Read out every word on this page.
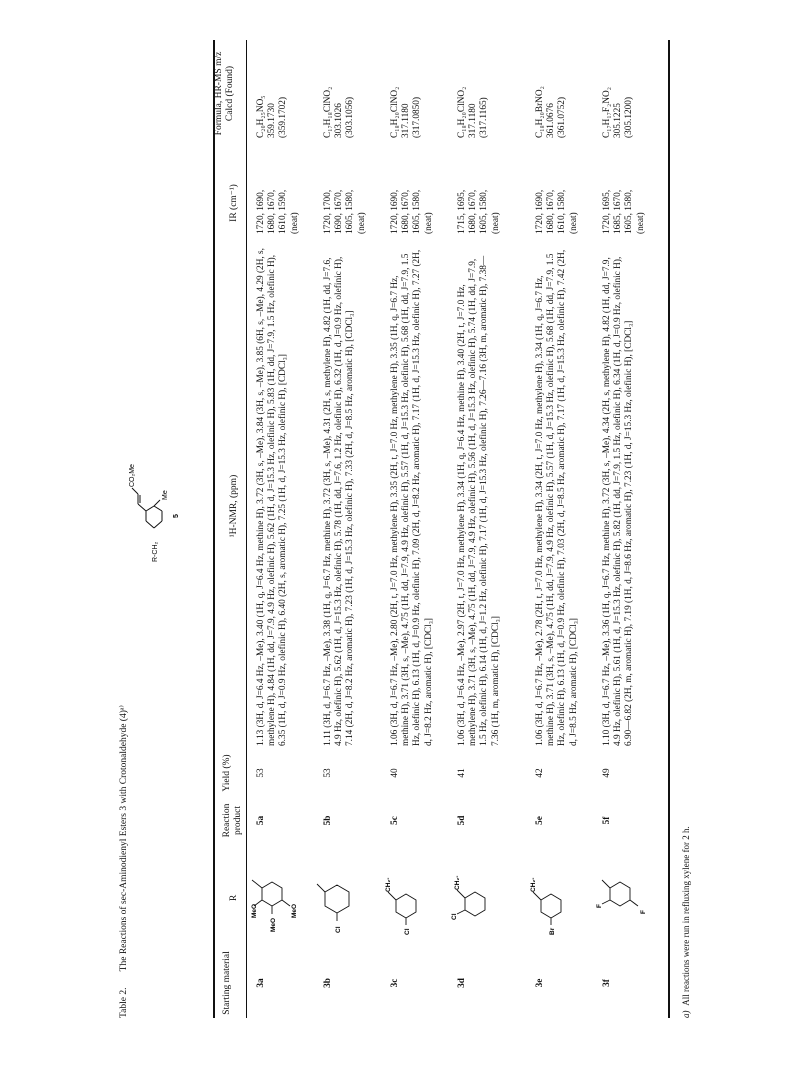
Table 2. The Reactions of sec-Aminodienyl Esters 3 with Crotonaldehyde (4)ᵃ⁾
R-CH₂
CO₂Me
Me
5
Starting material
R
Reaction product
Yield (%)
¹H-NMR, (ppm)
IR (cm⁻¹)
Formula, HR-MS m/z Calcd (Found)
3a
MeO
MeO
MeO
5a
53
1.13 (3H, d, J=6.4 Hz, –Me), 3.40 (1H, q, J=6.4 Hz, methine H), 3.72 (3H, s, –Me), 3.84 (3H, s, –Me), 3.85 (6H, s, –Me), 4.29 (2H, s, methylene H), 4.84 (1H, dd, J=7.9, 4.9 Hz, olefinic H), 5.62 (1H, d, J=15.3 Hz, olefinic H), 5.83 (1H, dd, J=7.9, 1.5 Hz, olefinic H), 6.35 (1H, d, J=0.9 Hz, olefinic H), 6.40 (2H, s, aromatic H), 7.25 (1H, d, J=15.3 Hz, olefinic H), [CDCl₃]
1720, 1690, 1680, 1670, 1610, 1590, (neat)
C₂₀H₂₅NO₅ 359.1730 (359.1702)
3b
Cl
5b
53
1.11 (3H, d, J=6.7 Hz, –Me), 3.38 (1H, q, J=6.7 Hz, methine H), 3.72 (3H, s, –Me), 4.31 (2H, s, methylene H), 4.82 (1H, dd, J=7.6, 4.9 Hz, olefinic H), 5.62 (1H, d, J=15.3 Hz, olefinic H), 5.78 (1H, dd, J=7.6, 1.2 Hz, olefinic H), 6.32 (1H, d, J=0.9 Hz, olefinic H), 7.14 (2H, d, J=8.2 Hz, aromatic H), 7.23 (1H, d, J=15.3 Hz, olefinic H), 7.33 (2H, d, J=8.5 Hz, aromatic H), [CDCl₃]
1720, 1700, 1690, 1670, 1605, 1580, (neat)
C₁₇H₁₈ClNO₂ 303.1026 (303.1056)
3c
Cl
CH₂-
5c
40
1.06 (3H, d, J=6.7 Hz, –Me), 2.80 (2H, t, J=7.0 Hz, methylene H), 3.35 (2H, t, J=7.0 Hz, methylene H), 3.35 (1H, q, J=6.7 Hz, methine H), 3.71 (3H, s, –Me), 4.75 (1H, dd, J=7.9, 4.9 Hz, olefinic H), 5.57 (1H, d, J=15.3 Hz, olefinic H), 5.68 (1H, dd, J=7.9, 1.5 Hz, olefinic H), 6.13 (1H, d, J=0.9 Hz, olefinic H), 7.09 (2H, d, J=8.2 Hz, aromatic H), 7.17 (1H, d, J=15.3 Hz, olefinic H), 7.27 (2H, d, J=8.2 Hz, aromatic H), [CDCl₃]
1720, 1690, 1680, 1670, 1605, 1580, (neat)
C₁₈H₂₀ClNO₂ 317.1180 (317.0850)
3d
Cl
CH₂-
5d
41
1.06 (3H, d, J=6.4 Hz, –Me), 2.97 (2H, t, J=7.0 Hz, methylene H), 3.34 (1H, q, J=6.4 Hz, methine H), 3.40 (2H, t, J=7.0 Hz, methylene H), 3.71 (3H, s, –Me), 4.75 (1H, dd, J=7.9, 4.9 Hz, olefinic H), 5.56 (1H, d, J=15.3 Hz, olefinic H), 5.74 (1H, dd, J=7.9, 1.5 Hz, olefinic H), 6.14 (1H, d, J=1.2 Hz, olefinic H), 7.17 (1H, d, J=15.3 Hz, olefinic H), 7.26—7.16 (3H, m, aromatic H), 7.38—7.36 (1H, m, aromatic H), [CDCl₃]
1715, 1695, 1680, 1670, 1605, 1580, (neat)
C₁₈H₂₀ClNO₂ 317.1180 (317.1165)
3e
Br
CH₂-
5e
42
1.06 (3H, d, J=6.7 Hz, –Me), 2.78 (2H, t, J=7.0 Hz, methylene H), 3.34 (2H, t, J=7.0 Hz, methylene H), 3.34 (1H, q, J=6.7 Hz, methine H), 3.71 (3H, s, –Me), 4.75 (1H, dd, J=7.9, 4.9 Hz, olefinic H), 5.57 (1H, d, J=15.3 Hz, olefinic H), 5.68 (1H, dd, J=7.9, 1.5 Hz, olefinic H), 6.13 (1H, d, J=0.9 Hz, olefinic H), 7.03 (2H, d, J=8.5 Hz, aromatic H), 7.17 (1H, d, J=15.3 Hz, olefinic H), 7.42 (2H, d, J=8.5 Hz, aromatic H), [CDCl₃]
1720, 1690, 1680, 1670, 1610, 1580, (neat)
C₁₈H₂₀BrNO₂ 361.0676 (361.0752)
3f
F
F
5f
49
1.10 (3H, d, J=6.7 Hz, –Me), 3.36 (1H, q, J=6.7 Hz, methine H), 3.72 (3H, s, –Me), 4.34 (2H, s, methylene H), 4.82 (1H, dd, J=7.9, 4.9 Hz, olefinic H), 5.61 (1H, d, J=15.3 Hz, olefinic H), 5.82 (1H, dd, J=7.9, 1.5 Hz, olefinic H), 6.34 (1H, d, J=0.9 Hz, olefinic H), 6.90—6.82 (2H, m, aromatic H), 7.19 (1H, d, J=8.6 Hz, aromatic H), 7.23 (1H, d, J=15.3 Hz, olefinic H), [CDCl₃]
1720, 1695, 1685, 1670, 1605, 1580, (neat)
C₁₇H₁₇F₂NO₂ 305.1225 (305.1200)
a) All reactions were run in refluxing xylene for 2 h.
